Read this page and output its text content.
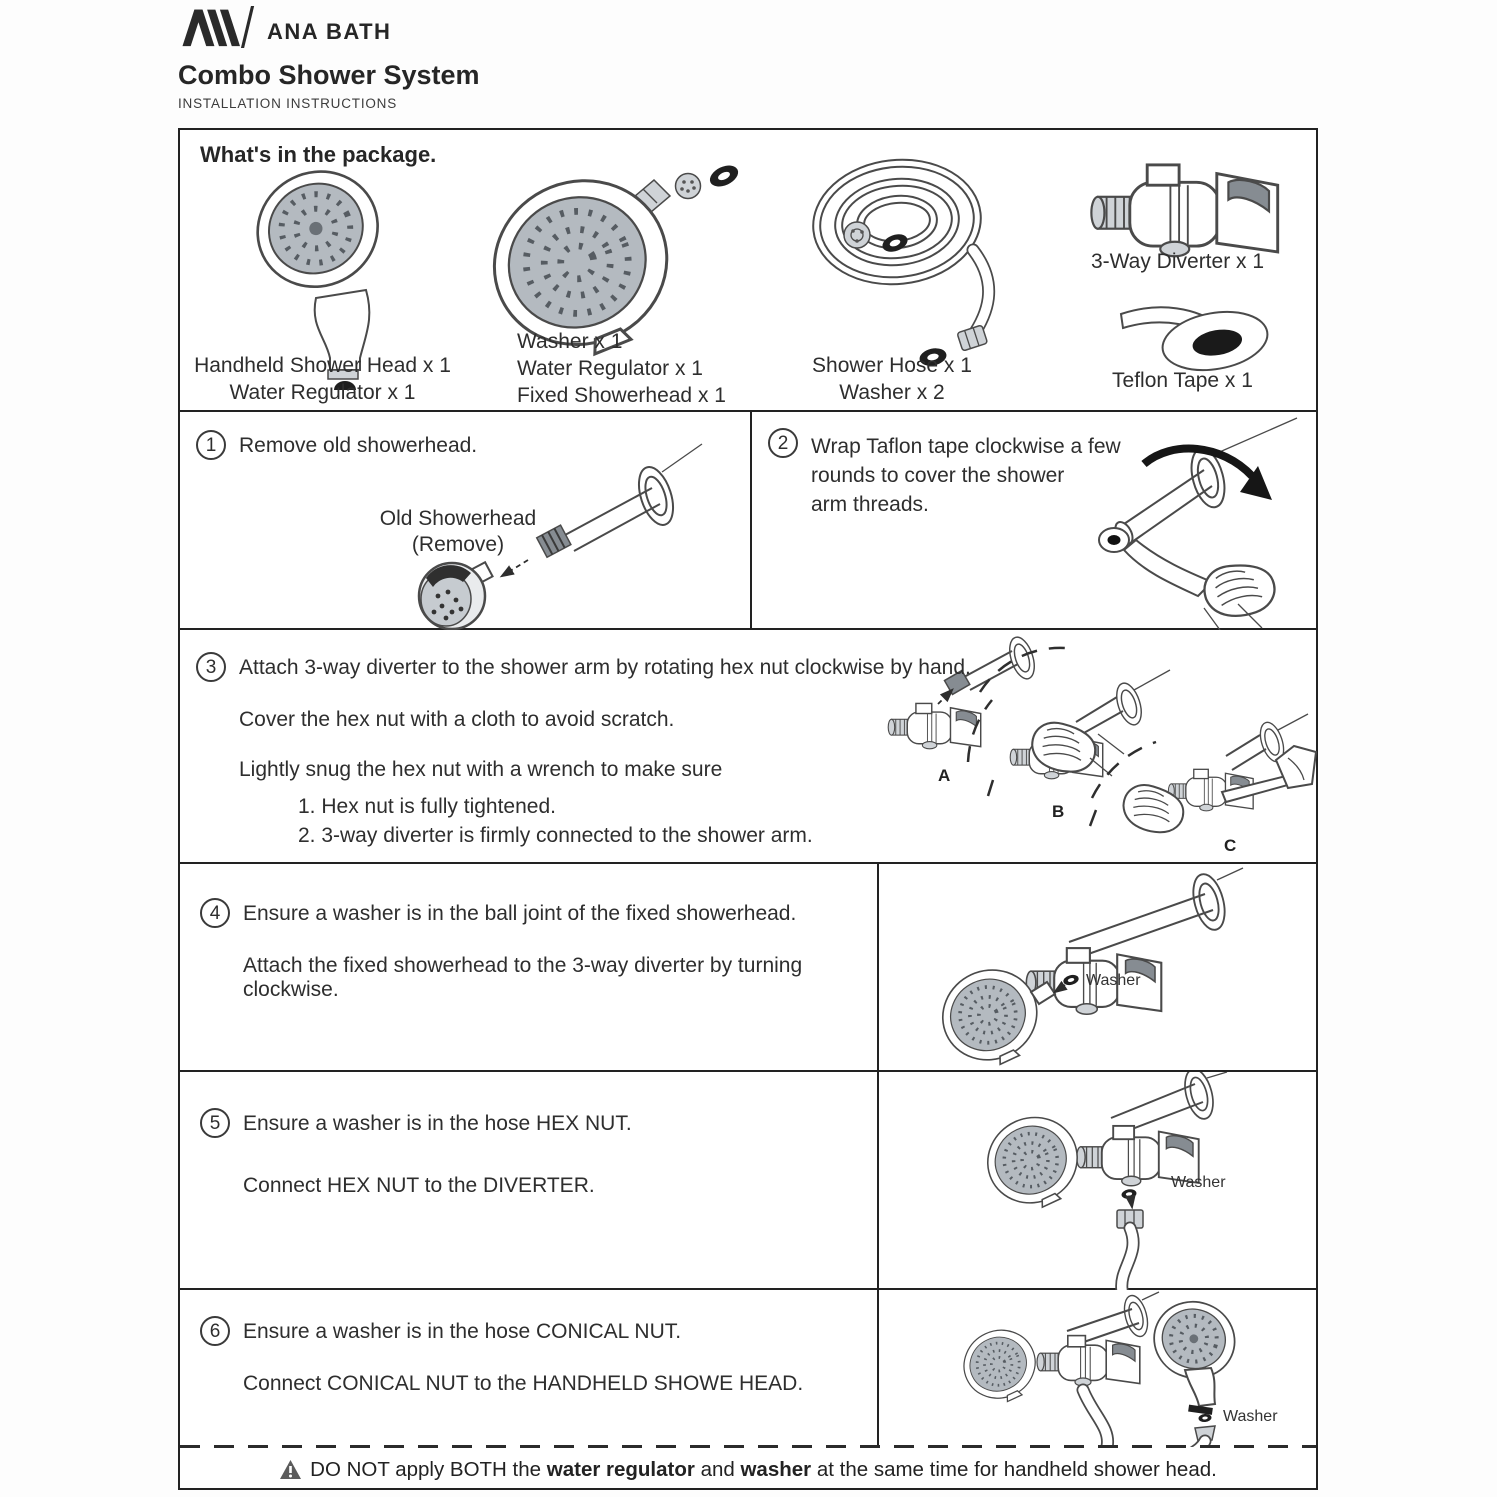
ANA BATH
Combo Shower System
INSTALLATION INSTRUCTIONS
What's in the package.
Handheld Shower Head x 1
Water Regulator x 1
Washer x 1
Water Regulator x 1
Fixed Showerhead x 1
Shower Hose x 1
Washer x 2
3-Way Diverter x 1
Teflon Tape x 1
1	Remove old showerhead.
Old Showerhead
(Remove)
2	Wrap Taflon tape clockwise a few
rounds to cover the shower
arm threads.
3	Attach 3-way diverter to the shower arm by rotating hex nut clockwise by hand.
Cover the hex nut with a cloth to avoid scratch.
Lightly snug the hex nut with a wrench to make sure
1. Hex nut is fully tightened.
2. 3-way diverter is firmly connected to the shower arm.
A
B
C
4	Ensure a washer is in the ball joint of the fixed showerhead.
Attach the fixed showerhead to the 3-way diverter by turning clockwise.	Washer
5	Ensure a washer is in the hose HEX NUT.
Connect HEX NUT to the DIVERTER.	Washer
6	Ensure a washer is in the hose CONICAL NUT.
Connect CONICAL NUT to the HANDHELD SHOWE HEAD.
Washer
DO NOT apply BOTH the water regulator and washer at the same time for handheld shower head.
